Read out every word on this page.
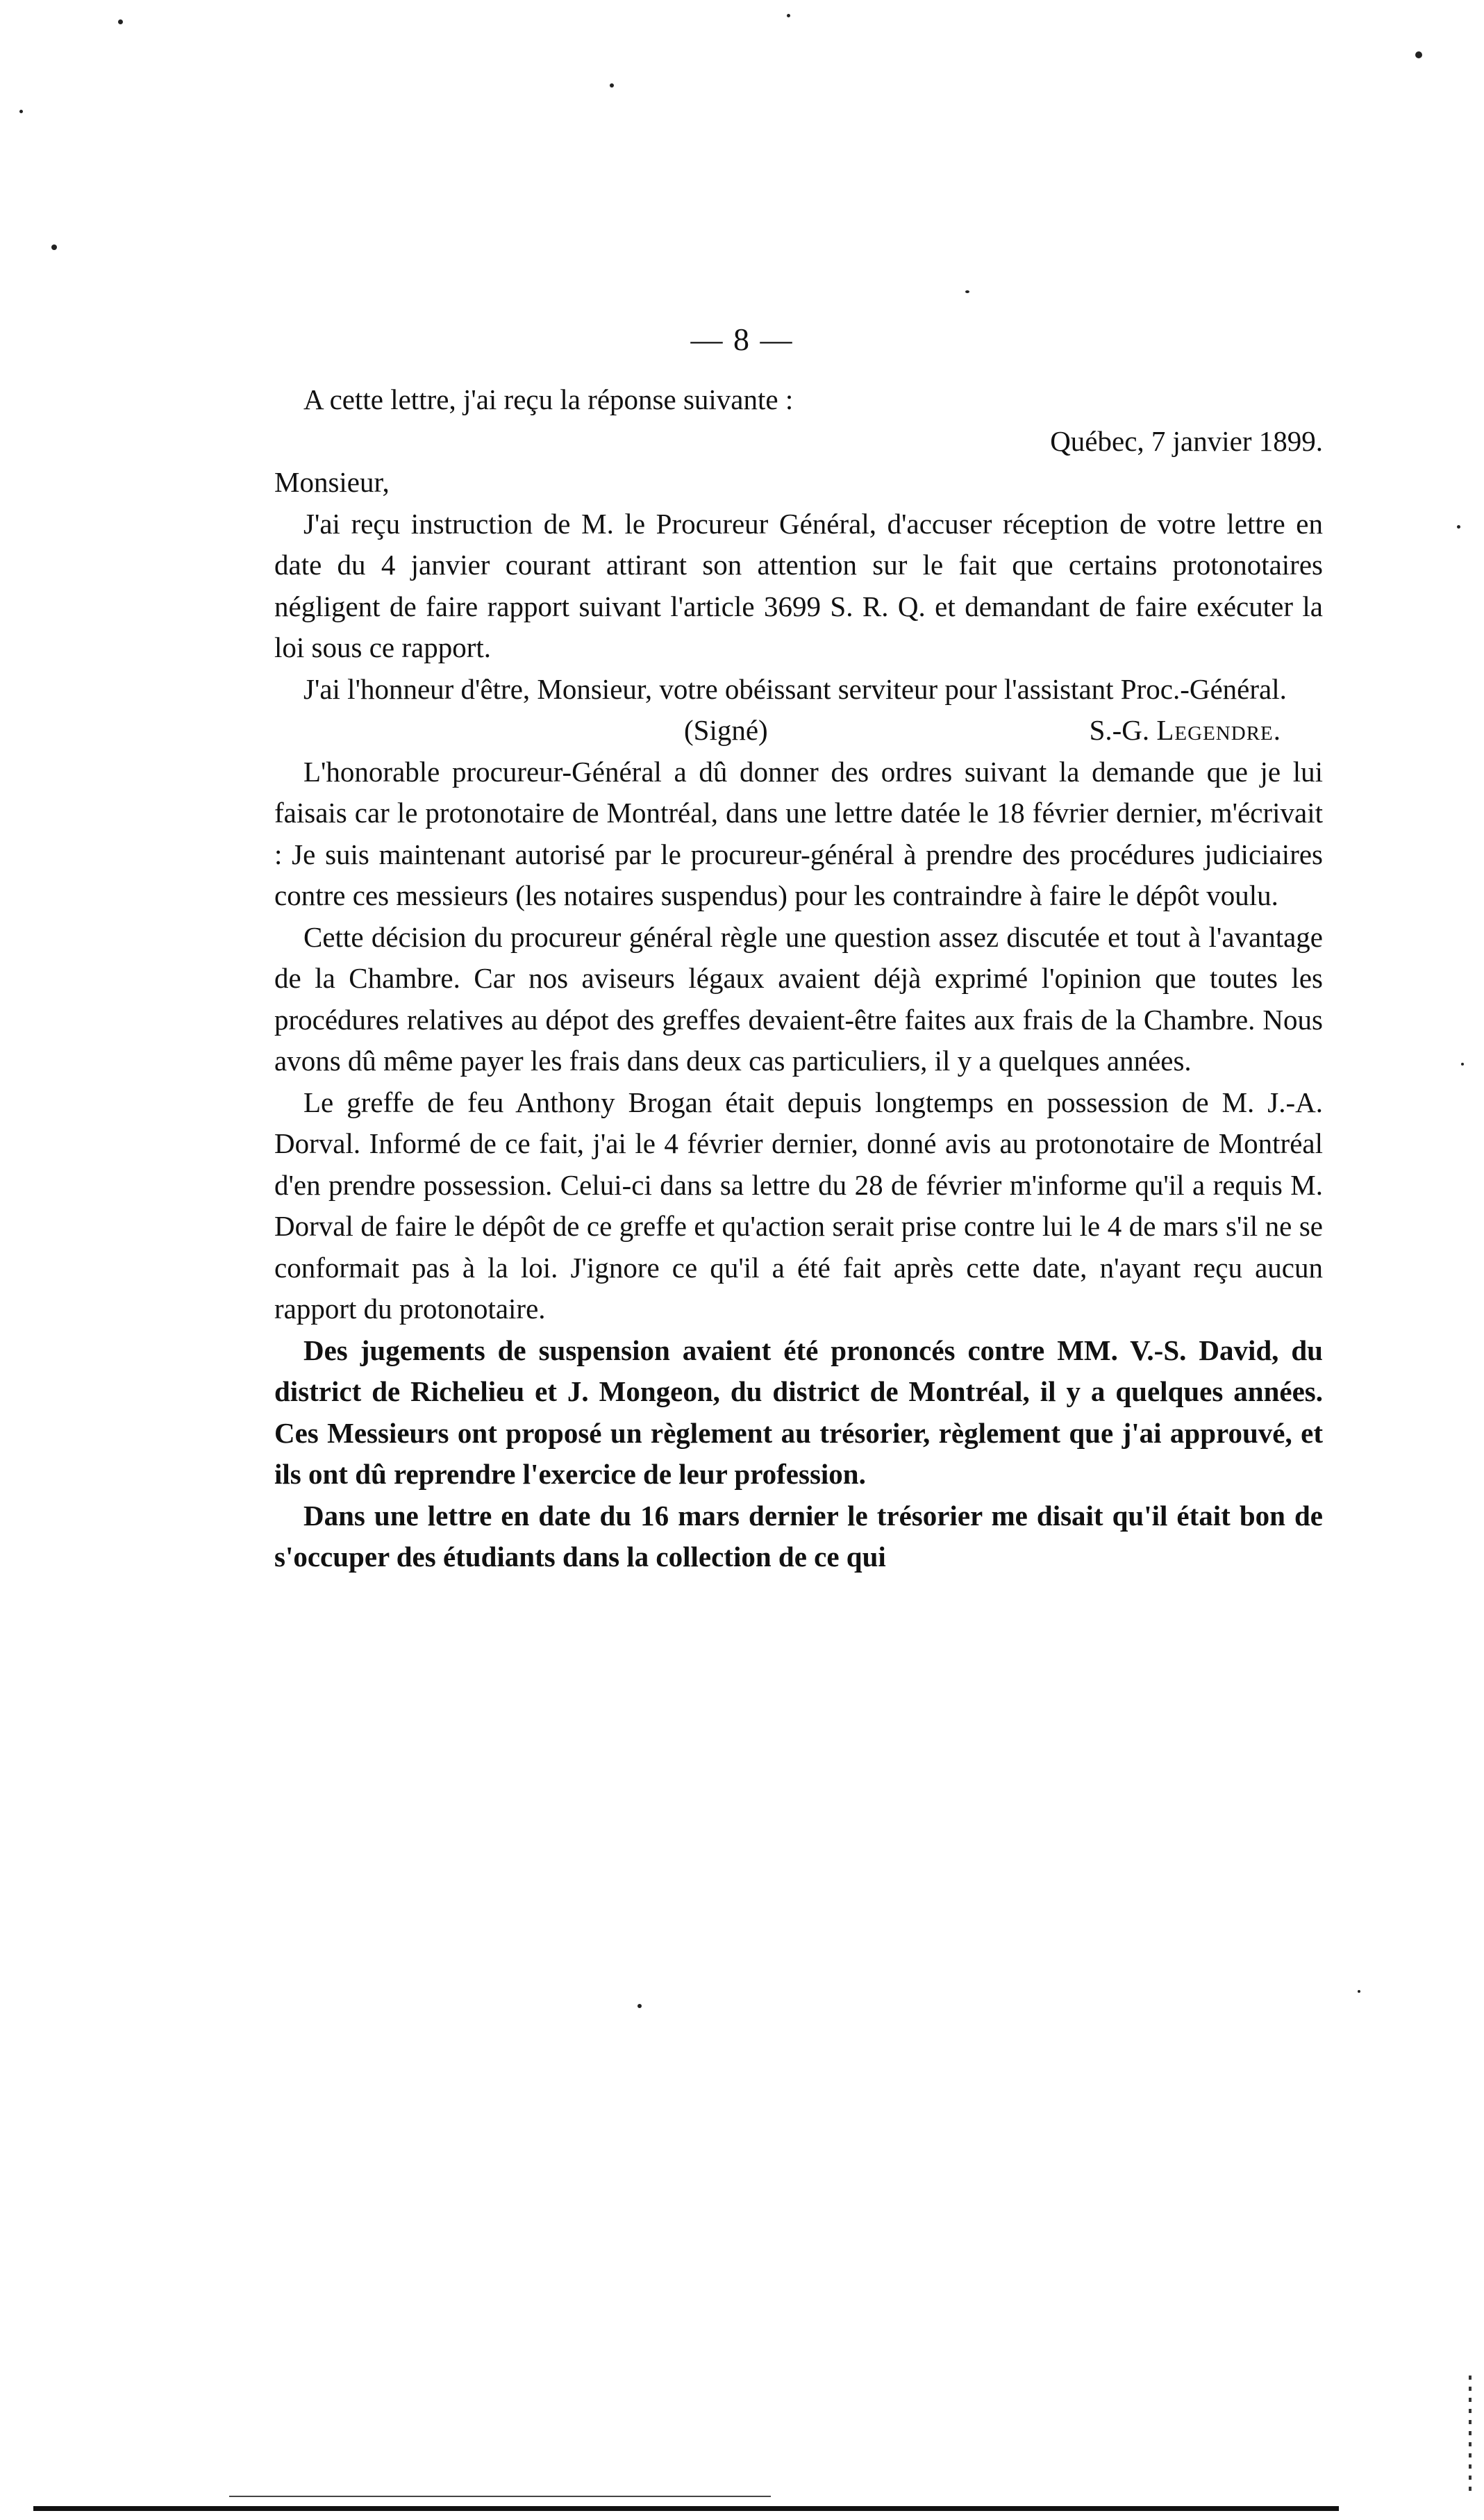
— 8 —

A cette lettre, j'ai reçu la réponse suivante :

Québec, 7 janvier 1899.

Monsieur,

J'ai reçu instruction de M. le Procureur Général, d'accuser réception de votre lettre en date du 4 janvier courant attirant son attention sur le fait que certains protonotaires négligent de faire rapport suivant l'article 3699 S. R. Q. et demandant de faire exécuter la loi sous ce rapport.

J'ai l'honneur d'être, Monsieur, votre obéissant serviteur pour l'assistant Proc.-Général.

(Signé)	S.-G. Legendre.

L'honorable procureur-Général a dû donner des ordres suivant la demande que je lui faisais car le protonotaire de Montréal, dans une lettre datée le 18 février dernier, m'écrivait : Je suis maintenant autorisé par le procureur-général à prendre des procédures judiciaires contre ces messieurs (les notaires suspendus) pour les contraindre à faire le dépôt voulu.

Cette décision du procureur général règle une question assez discutée et tout à l'avantage de la Chambre. Car nos aviseurs légaux avaient déjà exprimé l'opinion que toutes les procédures relatives au dépot des greffes devaient-être faites aux frais de la Chambre. Nous avons dû même payer les frais dans deux cas particuliers, il y a quelques années.

Le greffe de feu Anthony Brogan était depuis longtemps en possession de M. J.-A. Dorval. Informé de ce fait, j'ai le 4 février dernier, donné avis au protonotaire de Montréal d'en prendre possession. Celui-ci dans sa lettre du 28 de février m'informe qu'il a requis M. Dorval de faire le dépôt de ce greffe et qu'action serait prise contre lui le 4 de mars s'il ne se conformait pas à la loi. J'ignore ce qu'il a été fait après cette date, n'ayant reçu aucun rapport du protonotaire.

Des jugements de suspension avaient été prononcés contre MM. V.-S. David, du district de Richelieu et J. Mongeon, du district de Montréal, il y a quelques années. Ces Messieurs ont proposé un règlement au trésorier, règlement que j'ai approuvé, et ils ont dû reprendre l'exercice de leur profession.

Dans une lettre en date du 16 mars dernier le trésorier me disait qu'il était bon de s'occuper des étudiants dans la collection de ce qui
